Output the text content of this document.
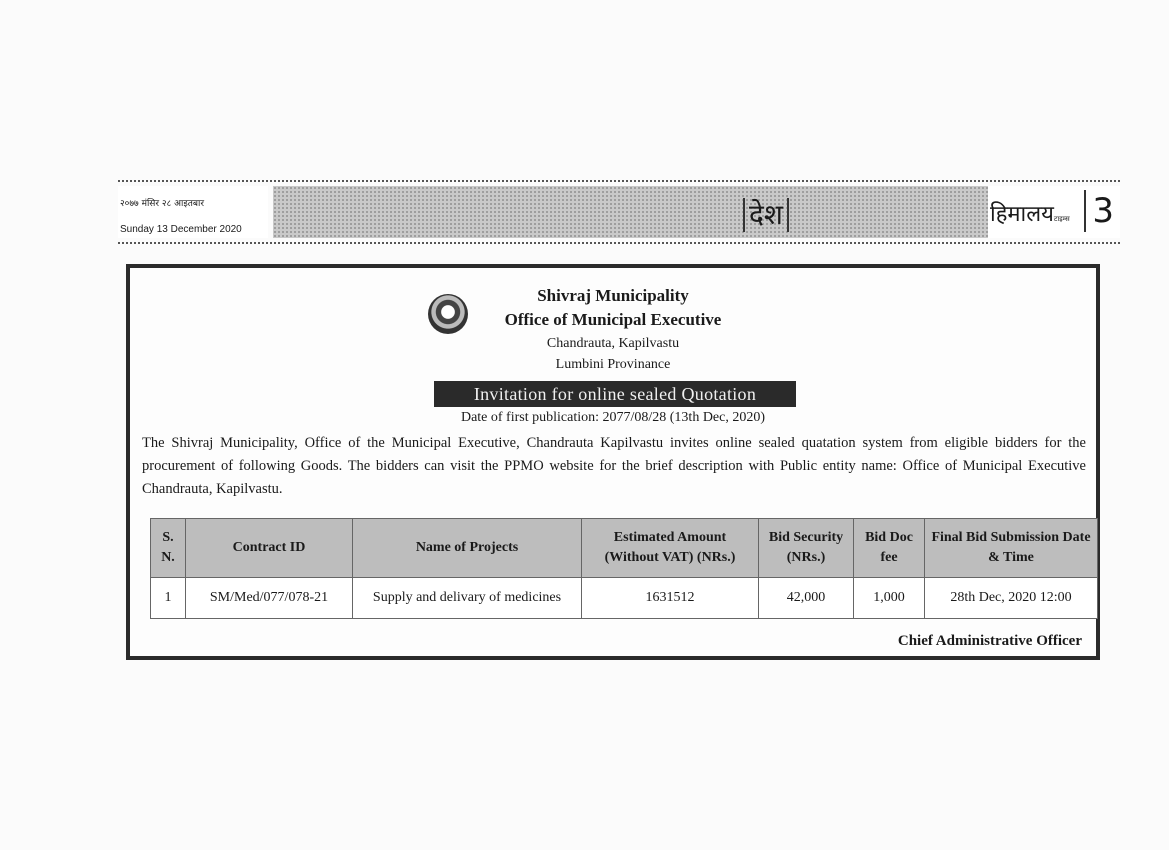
२०७७ मंसिर २८ आइतबार
Sunday 13 December 2020	देश	हिमालयटाइम्स 3
Shivraj Municipality
Office of Municipal Executive
Chandrauta, Kapilvastu
Lumbini Provinance
Invitation for online sealed Quotation
Date of first publication: 2077/08/28 (13th Dec, 2020)
The Shivraj Municipality, Office of the Municipal Executive, Chandrauta Kapilvastu invites online sealed quatation system from eligible bidders for the procurement of following Goods. The bidders can visit the PPMO website for the brief description with Public entity name: Office of Municipal Executive Chandrauta, Kapilvastu.
S. N.	Contract ID	Name of Projects	Estimated Amount (Without VAT) (NRs.)	Bid Security (NRs.)	Bid Doc fee	Final Bid Submission Date & Time
1	SM/Med/077/078-21	Supply and delivary of medicines	1631512	42,000	1,000	28th Dec, 2020 12:00
Chief Administrative Officer
